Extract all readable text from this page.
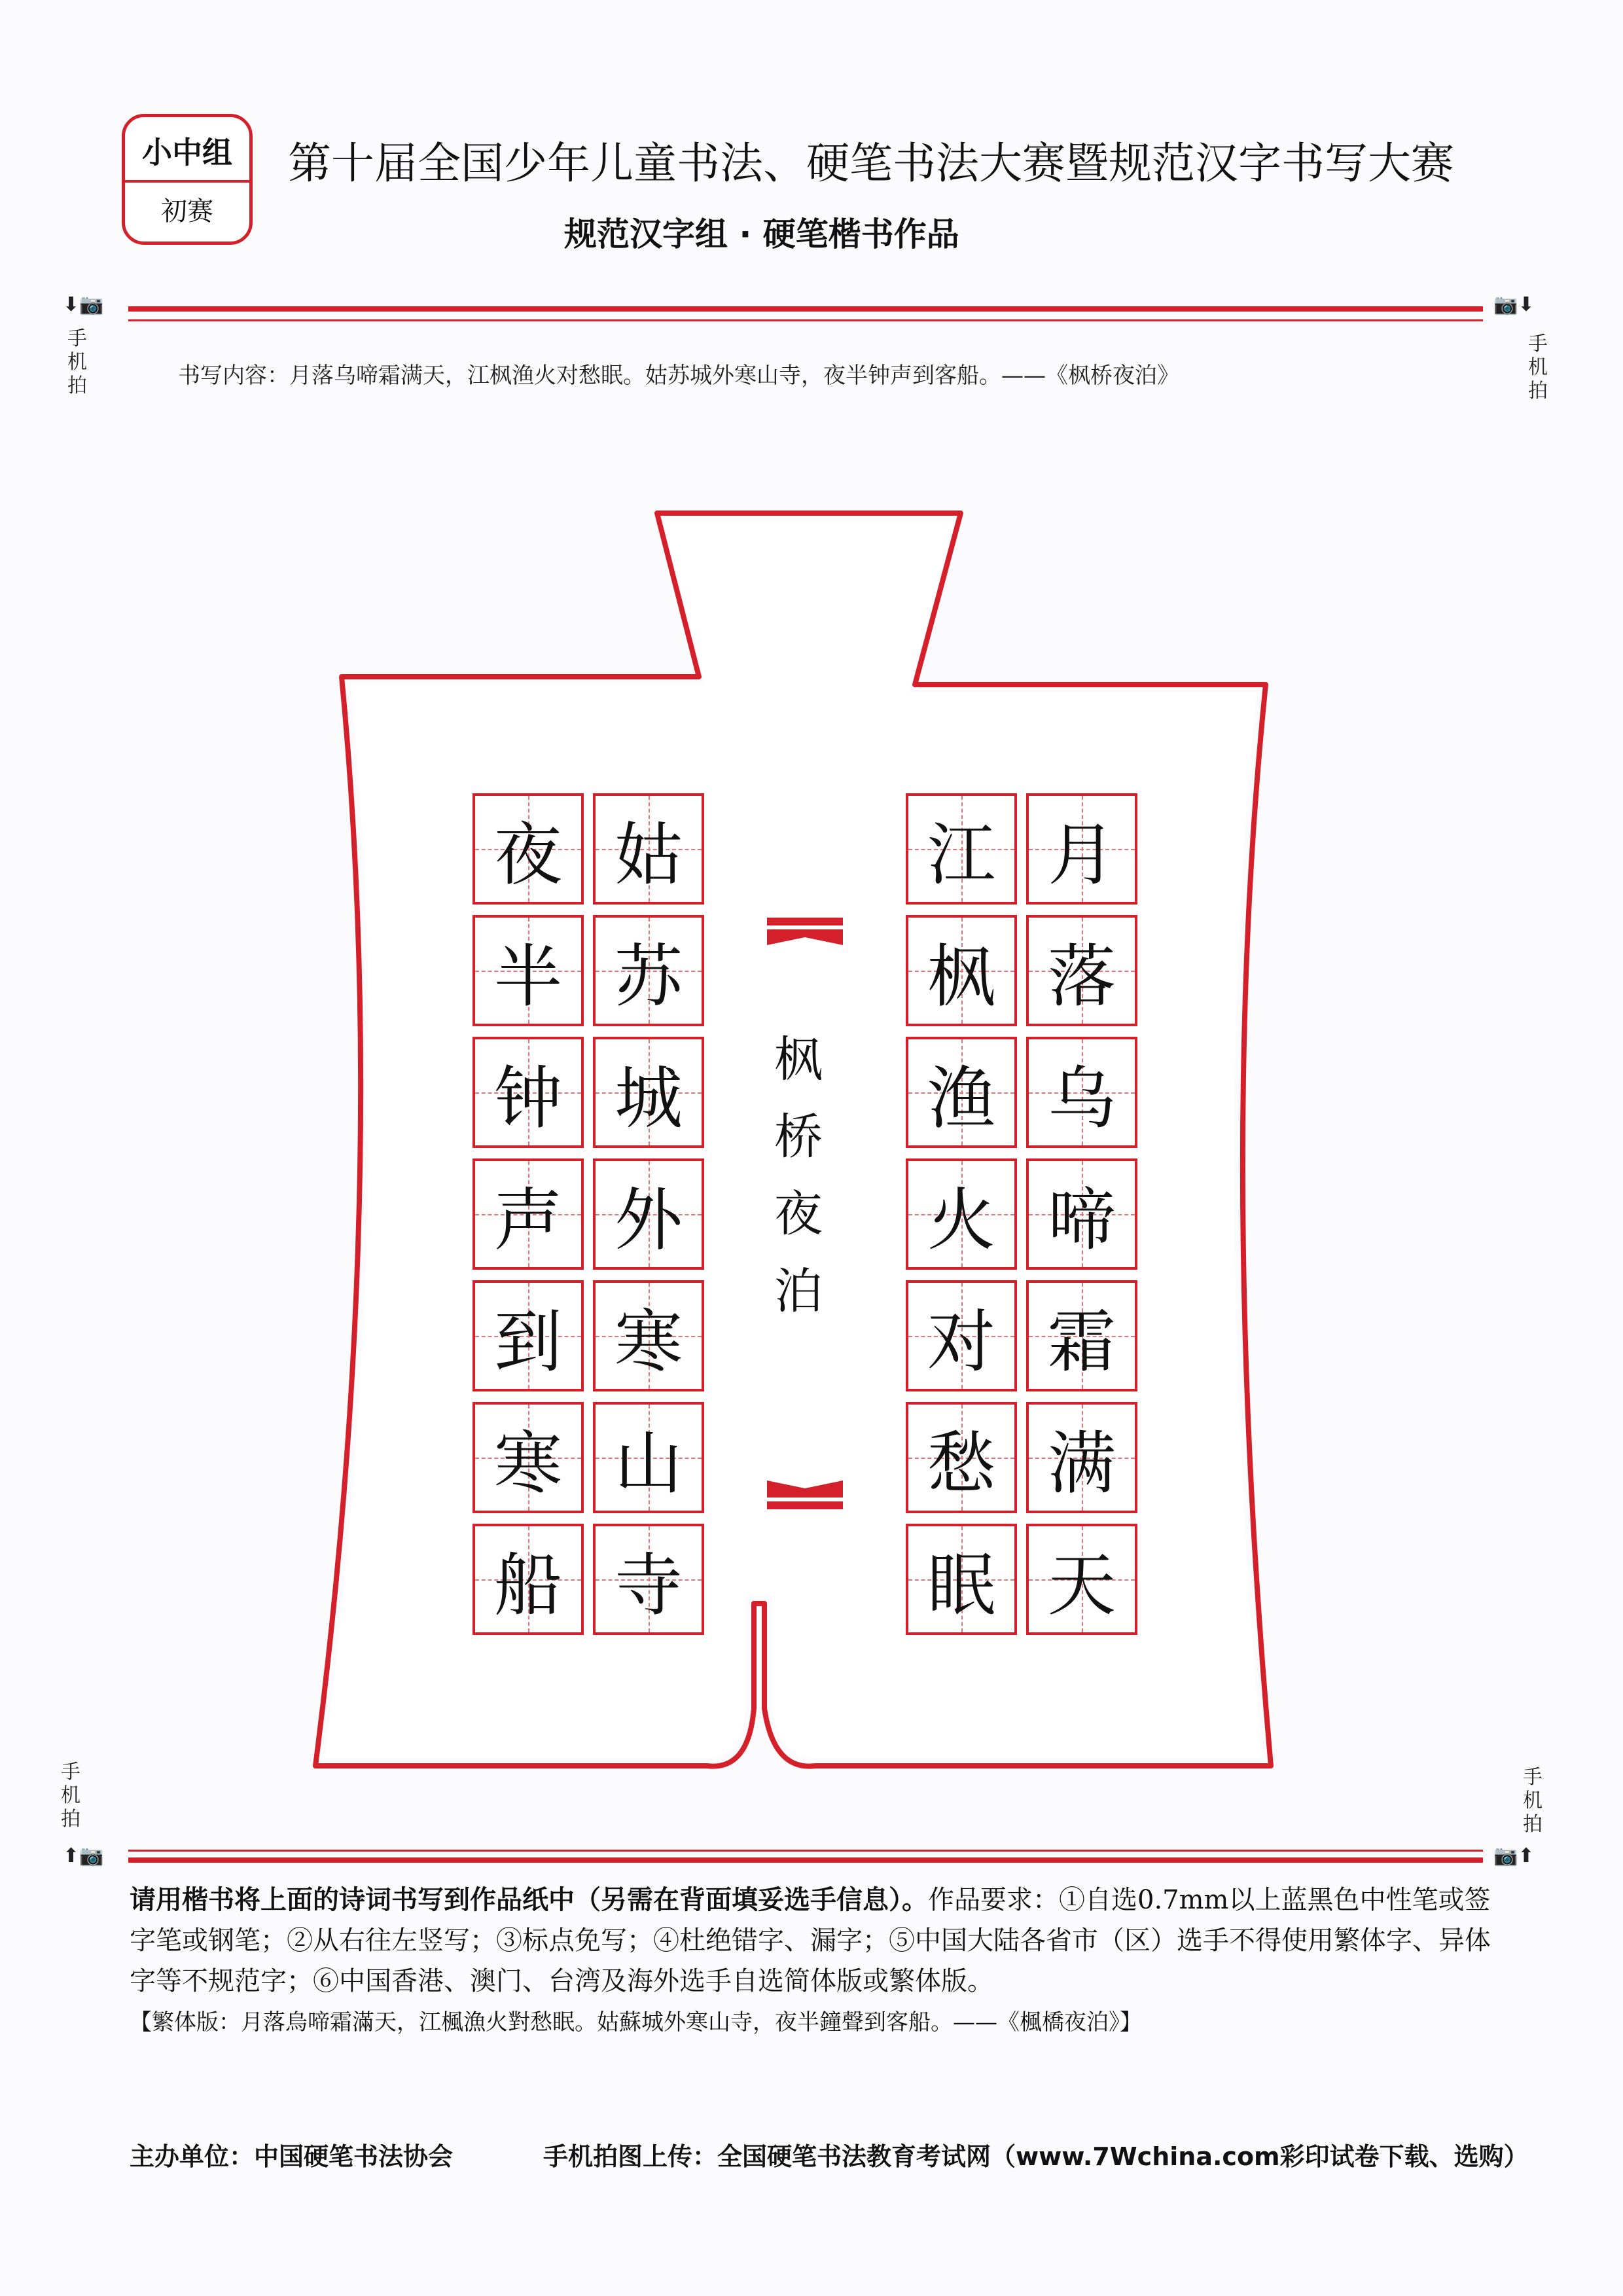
小中组
初赛
第十届全国少年儿童书法、硬笔书法大赛暨规范汉字书写大赛
规范汉字组 · 硬笔楷书作品
⬇📷
手机拍
📷⬇
手机拍
书写内容：月落乌啼霜满天，江枫渔火对愁眠。姑苏城外寒山寺，夜半钟声到客船。——《枫桥夜泊》
夜
半
钟
声
到
寒
船
姑
苏
城
外
寒
山
寺
江
枫
渔
火
对
愁
眠
月
落
乌
啼
霜
满
天
枫
桥
夜
泊
手机拍
⬆📷
手机拍
📷⬆
请用楷书将上面的诗词书写到作品纸中（另需在背面填妥选手信息）。作品要求：①自选0.7mm以上蓝黑色中性笔或签字笔或钢笔；②从右往左竖写；③标点免写；④杜绝错字、漏字；⑤中国大陆各省市（区）选手不得使用繁体字、异体字等不规范字；⑥中国香港、澳门、台湾及海外选手自选简体版或繁体版。
【繁体版：月落烏啼霜滿天，江楓漁火對愁眠。姑蘇城外寒山寺，夜半鐘聲到客船。——《楓橋夜泊》】
主办单位：中国硬笔书法协会	手机拍图上传：全国硬笔书法教育考试网（www.7Wchina.com彩印试卷下载、选购）
